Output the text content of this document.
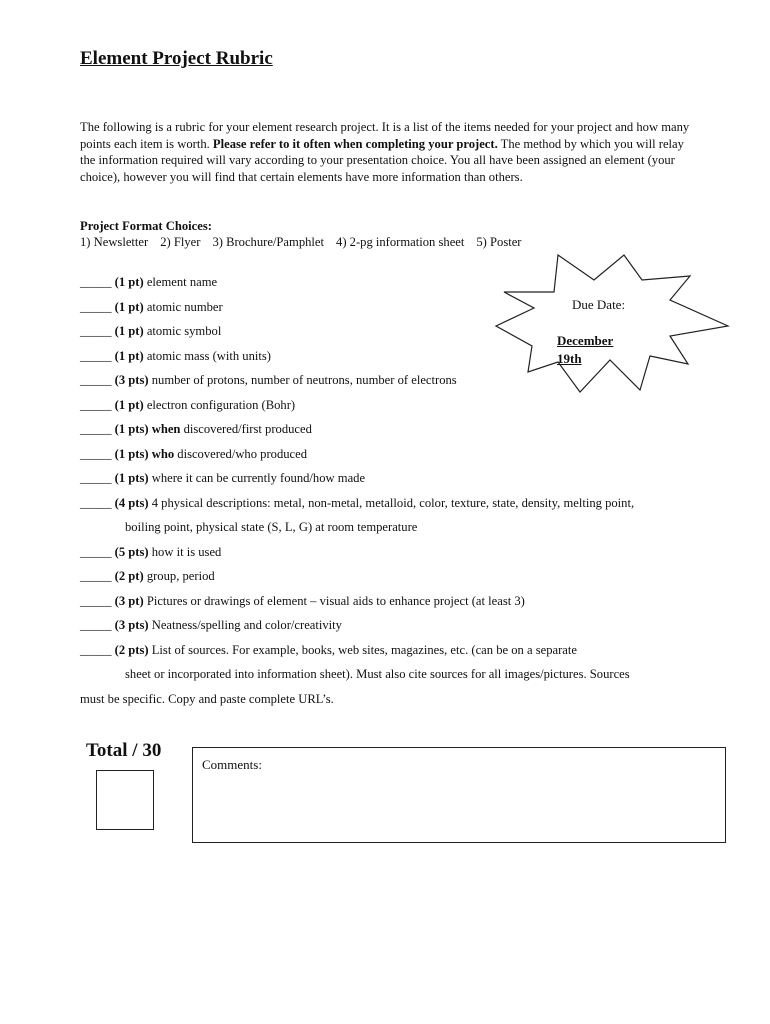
Element Project Rubric

The following is a rubric for your element research project. It is a list of the items needed for your project and how many points each item is worth. Please refer to it often when completing your project. The method by which you will relay the information required will vary according to your presentation choice. You all have been assigned an element (your choice), however you will find that certain elements have more information than others.

Project Format Choices:
1) Newsletter 2) Flyer 3) Brochure/Pamphlet 4) 2-pg information sheet 5) Poster
_____ (1 pt) element name
_____ (1 pt) atomic number
_____ (1 pt) atomic symbol
_____ (1 pt) atomic mass (with units)
_____ (3 pts) number of protons, number of neutrons, number of electrons
_____ (1 pt) electron configuration (Bohr)
_____ (1 pts) when discovered/first produced
_____ (1 pts) who discovered/who produced
_____ (1 pts) where it can be currently found/how made
_____ (4 pts) 4 physical descriptions: metal, non-metal, metalloid, color, texture, state, density, melting point,
boiling point, physical state (S, L, G) at room temperature
_____ (5 pts) how it is used
_____ (2 pt) group, period
_____ (3 pt) Pictures or drawings of element – visual aids to enhance project (at least 3)
_____ (3 pts) Neatness/spelling and color/creativity
_____ (2 pts) List of sources. For example, books, web sites, magazines, etc. (can be on a separate
sheet or incorporated into information sheet). Must also cite sources for all images/pictures. Sources
must be specific. Copy and paste complete URL’s.
Due Date:
December
19th
Total / 30
Comments:
